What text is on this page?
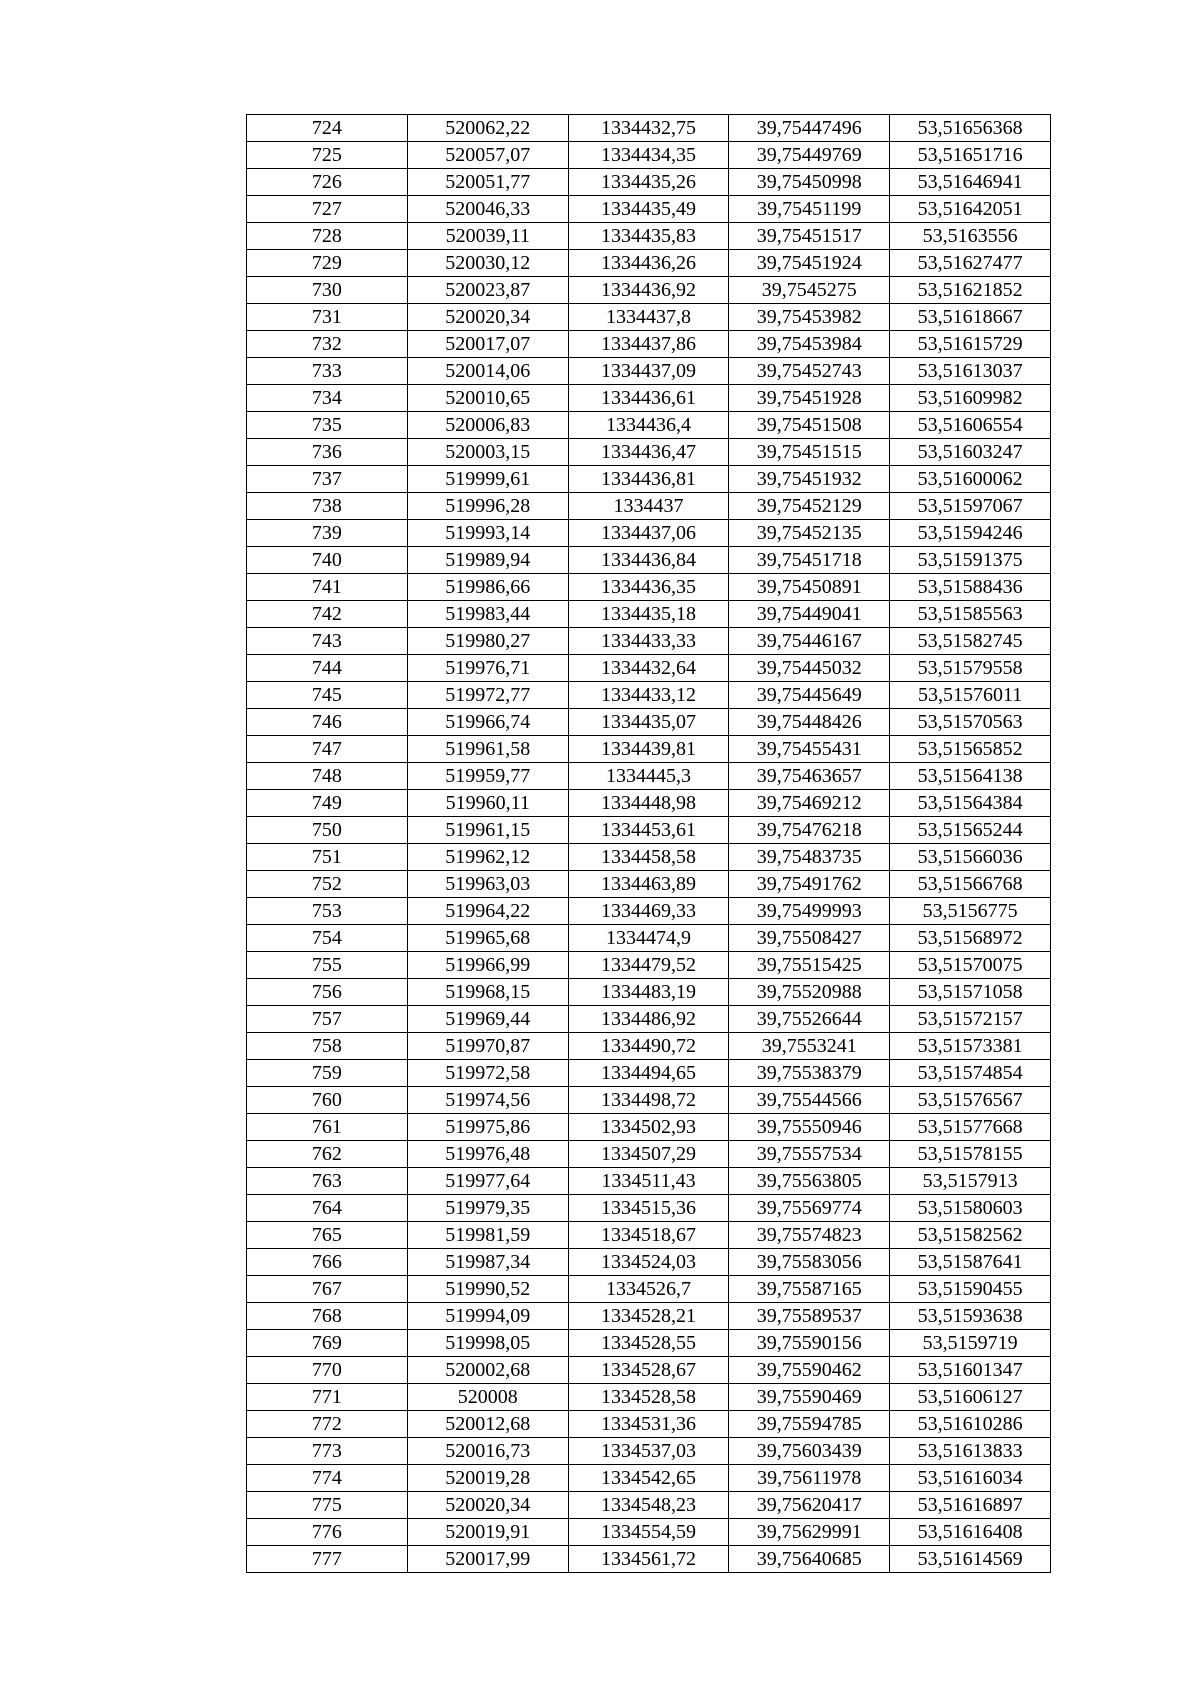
724	520062,22	1334432,75	39,75447496	53,51656368
725	520057,07	1334434,35	39,75449769	53,51651716
726	520051,77	1334435,26	39,75450998	53,51646941
727	520046,33	1334435,49	39,75451199	53,51642051
728	520039,11	1334435,83	39,75451517	53,5163556
729	520030,12	1334436,26	39,75451924	53,51627477
730	520023,87	1334436,92	39,7545275	53,51621852
731	520020,34	1334437,8	39,75453982	53,51618667
732	520017,07	1334437,86	39,75453984	53,51615729
733	520014,06	1334437,09	39,75452743	53,51613037
734	520010,65	1334436,61	39,75451928	53,51609982
735	520006,83	1334436,4	39,75451508	53,51606554
736	520003,15	1334436,47	39,75451515	53,51603247
737	519999,61	1334436,81	39,75451932	53,51600062
738	519996,28	1334437	39,75452129	53,51597067
739	519993,14	1334437,06	39,75452135	53,51594246
740	519989,94	1334436,84	39,75451718	53,51591375
741	519986,66	1334436,35	39,75450891	53,51588436
742	519983,44	1334435,18	39,75449041	53,51585563
743	519980,27	1334433,33	39,75446167	53,51582745
744	519976,71	1334432,64	39,75445032	53,51579558
745	519972,77	1334433,12	39,75445649	53,51576011
746	519966,74	1334435,07	39,75448426	53,51570563
747	519961,58	1334439,81	39,75455431	53,51565852
748	519959,77	1334445,3	39,75463657	53,51564138
749	519960,11	1334448,98	39,75469212	53,51564384
750	519961,15	1334453,61	39,75476218	53,51565244
751	519962,12	1334458,58	39,75483735	53,51566036
752	519963,03	1334463,89	39,75491762	53,51566768
753	519964,22	1334469,33	39,75499993	53,5156775
754	519965,68	1334474,9	39,75508427	53,51568972
755	519966,99	1334479,52	39,75515425	53,51570075
756	519968,15	1334483,19	39,75520988	53,51571058
757	519969,44	1334486,92	39,75526644	53,51572157
758	519970,87	1334490,72	39,7553241	53,51573381
759	519972,58	1334494,65	39,75538379	53,51574854
760	519974,56	1334498,72	39,75544566	53,51576567
761	519975,86	1334502,93	39,75550946	53,51577668
762	519976,48	1334507,29	39,75557534	53,51578155
763	519977,64	1334511,43	39,75563805	53,5157913
764	519979,35	1334515,36	39,75569774	53,51580603
765	519981,59	1334518,67	39,75574823	53,51582562
766	519987,34	1334524,03	39,75583056	53,51587641
767	519990,52	1334526,7	39,75587165	53,51590455
768	519994,09	1334528,21	39,75589537	53,51593638
769	519998,05	1334528,55	39,75590156	53,5159719
770	520002,68	1334528,67	39,75590462	53,51601347
771	520008	1334528,58	39,75590469	53,51606127
772	520012,68	1334531,36	39,75594785	53,51610286
773	520016,73	1334537,03	39,75603439	53,51613833
774	520019,28	1334542,65	39,75611978	53,51616034
775	520020,34	1334548,23	39,75620417	53,51616897
776	520019,91	1334554,59	39,75629991	53,51616408
777	520017,99	1334561,72	39,75640685	53,51614569
